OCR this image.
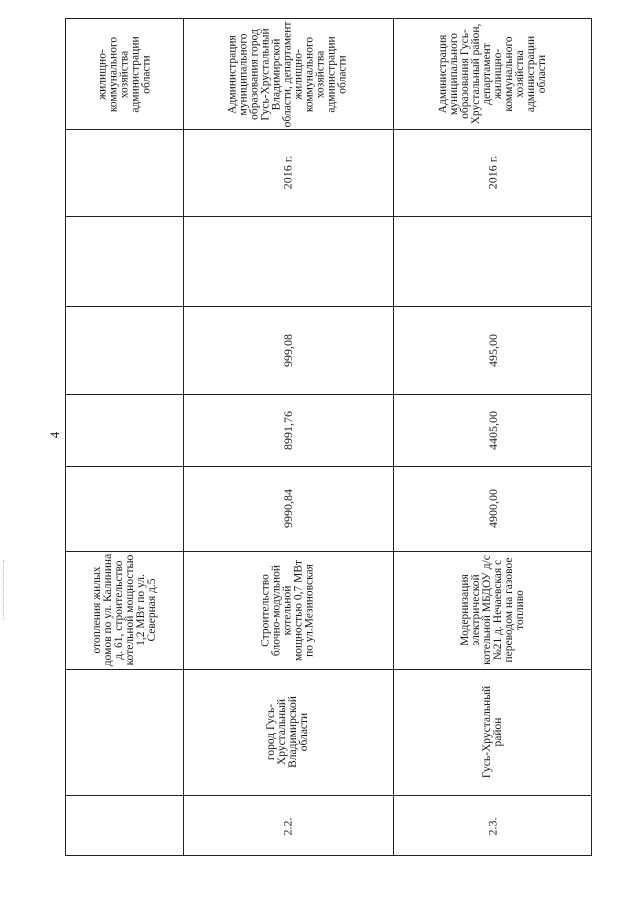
4
жилищно-коммунального хозяйства администрации области
отопления жилых домов по ул. Калинина д. 61, строительство котельной мощностью 1,2 МВт по ул. Северная д.5
Администрация муниципального образования город Гусь-Хрустальный Владимирской области, департамент жилищно-коммунального хозяйства администрации области
2016 г.
999,08
8991,76
9990,84
Строительство блочно-модульной котельной мощностью 0,7 МВт по ул.Мезиновская
город Гусь-Хрустальный Владимирской области
2.2.
Администрация муниципального образования Гусь-Хрустальный район, департамент жилищно-коммунального хозяйства администрации области
2016 г.
495,00
4405,00
4900,00
Модернизация электрической котельной МБДОУ д/с №21 д. Нечаевская с переводом на газовое топливо
Гусь-Хрустальный район
2.3.
